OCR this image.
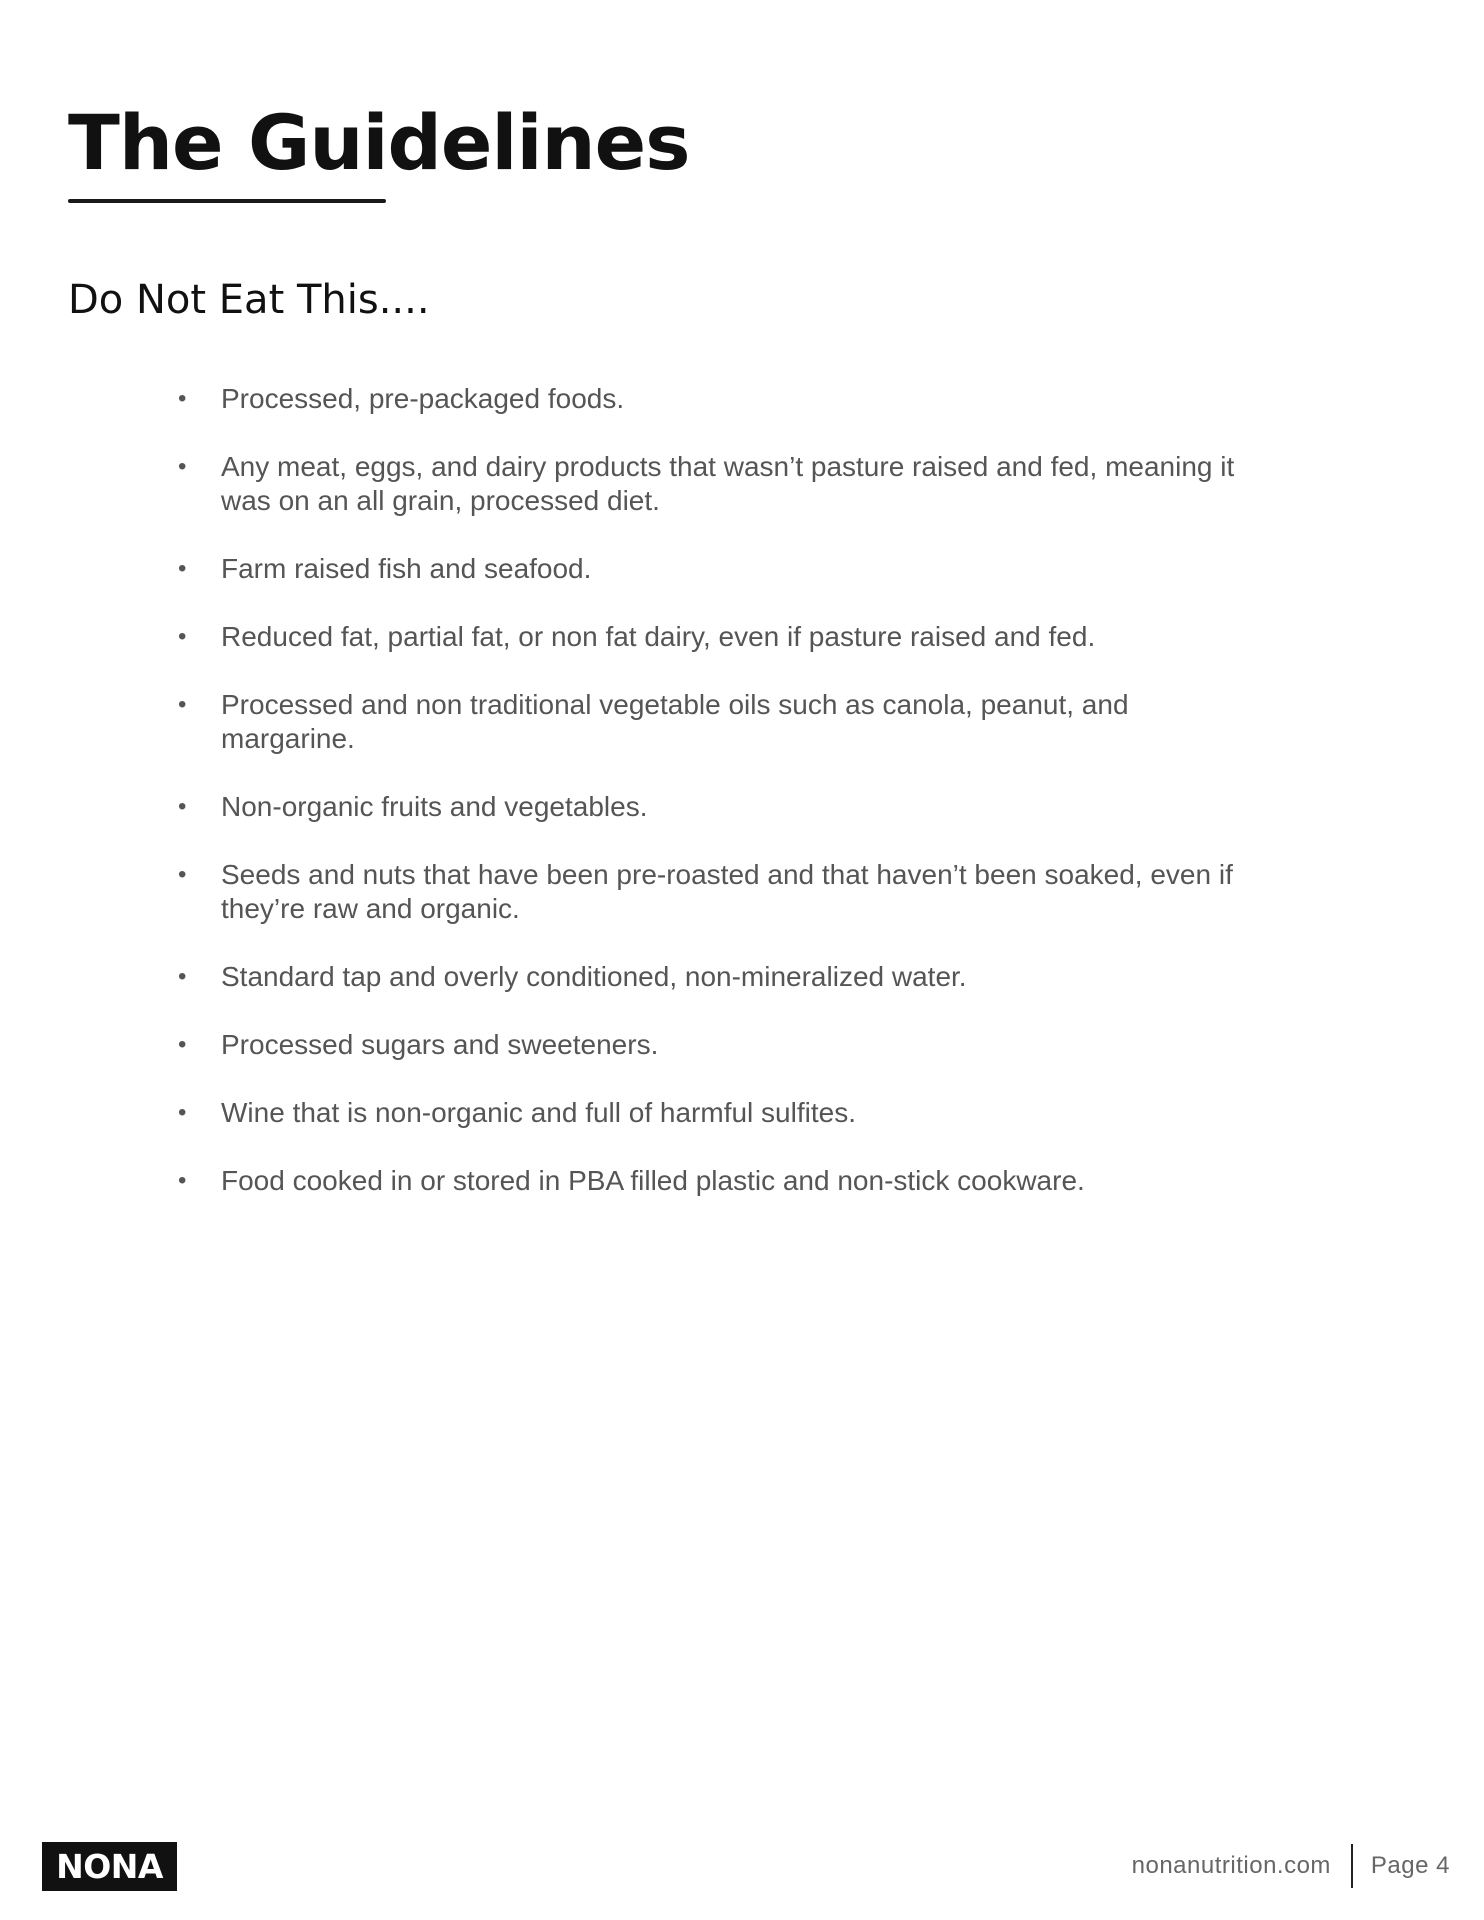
The Guidelines
Do Not Eat This....
• Processed, pre-packaged foods.
• Any meat, eggs, and dairy products that wasn’t pasture raised and fed, meaning it was on an all grain, processed diet.
• Farm raised fish and seafood.
• Reduced fat, partial fat, or non fat dairy, even if pasture raised and fed.
• Processed and non traditional vegetable oils such as canola, peanut, and margarine.
• Non-organic fruits and vegetables.
• Seeds and nuts that have been pre-roasted and that haven’t been soaked, even if they’re raw and organic.
• Standard tap and overly conditioned, non-mineralized water.
• Processed sugars and sweeteners.
• Wine that is non-organic and full of harmful sulfites.
• Food cooked in or stored in PBA filled plastic and non-stick cookware.
NONA	nonanutrition.com Page 4
